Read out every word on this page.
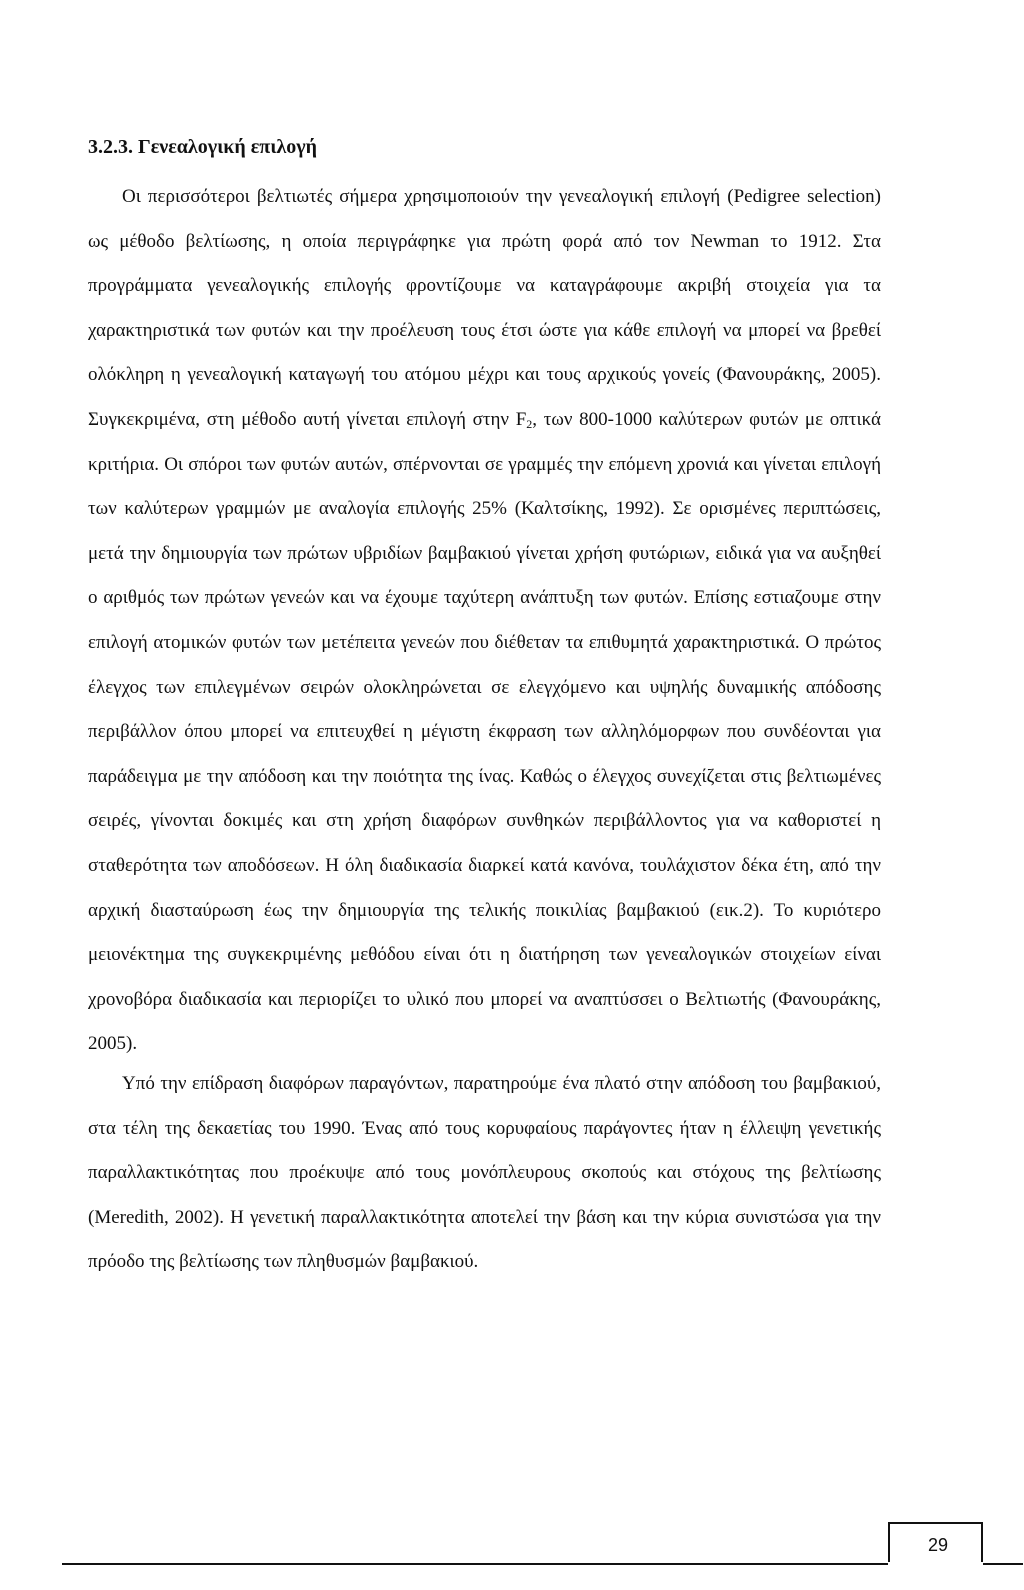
3.2.3. Γενεαλογική επιλογή

Οι περισσότεροι βελτιωτές σήμερα χρησιμοποιούν την γενεαλογική επιλογή (Pedigree selection) ως μέθοδο βελτίωσης, η οποία περιγράφηκε για πρώτη φορά από τον Newman το 1912. Στα προγράμματα γενεαλογικής επιλογής φροντίζουμε να καταγράφουμε ακριβή στοιχεία για τα χαρακτηριστικά των φυτών και την προέλευση τους έτσι ώστε για κάθε επιλογή να μπορεί να βρεθεί ολόκληρη η γενεαλογική καταγωγή του ατόμου μέχρι και τους αρχικούς γονείς (Φανουράκης, 2005). Συγκεκριμένα, στη μέθοδο αυτή γίνεται επιλογή στην $F_2$, των 800-1000 καλύτερων φυτών με οπτικά κριτήρια. Οι σπόροι των φυτών αυτών, σπέρνονται σε γραμμές την επόμενη χρονιά και γίνεται επιλογή των καλύτερων γραμμών με αναλογία επιλογής 25% (Καλτσίκης, 1992). Σε ορισμένες περιπτώσεις, μετά την δημιουργία των πρώτων υβριδίων βαμβακιού γίνεται χρήση φυτώριων, ειδικά για να αυξηθεί ο αριθμός των πρώτων γενεών και να έχουμε ταχύτερη ανάπτυξη των φυτών. Επίσης εστιαζουμε στην επιλογή ατομικών φυτών των μετέπειτα γενεών που διέθεταν τα επιθυμητά χαρακτηριστικά. Ο πρώτος έλεγχος των επιλεγμένων σειρών ολοκληρώνεται σε ελεγχόμενο και υψηλής δυναμικής απόδοσης περιβάλλον όπου μπορεί να επιτευχθεί η μέγιστη έκφραση των αλληλόμορφων που συνδέονται για παράδειγμα με την απόδοση και την ποιότητα της ίνας. Καθώς ο έλεγχος συνεχίζεται στις βελτιωμένες σειρές, γίνονται δοκιμές και στη χρήση διαφόρων συνθηκών περιβάλλοντος για να καθοριστεί η σταθερότητα των αποδόσεων. Η όλη διαδικασία διαρκεί κατά κανόνα, τουλάχιστον δέκα έτη, από την αρχική διασταύρωση έως την δημιουργία της τελικής ποικιλίας βαμβακιού (εικ.2). Το κυριότερο μειονέκτημα της συγκεκριμένης μεθόδου είναι ότι η διατήρηση των γενεαλογικών στοιχείων είναι χρονοβόρα διαδικασία και περιορίζει το υλικό που μπορεί να αναπτύσσει ο Βελτιωτής (Φανουράκης, 2005).

Υπό την επίδραση διαφόρων παραγόντων, παρατηρούμε ένα πλατό στην απόδοση του βαμβακιού, στα τέλη της δεκαετίας του 1990. Ένας από τους κορυφαίους παράγοντες ήταν η έλλειψη γενετικής παραλλακτικότητας που προέκυψε από τους μονόπλευρους σκοπούς και στόχους της βελτίωσης (Meredith, 2002). Η γενετική παραλλακτικότητα αποτελεί την βάση και την κύρια συνιστώσα για την πρόοδο της βελτίωσης των πληθυσμών βαμβακιού.

29
